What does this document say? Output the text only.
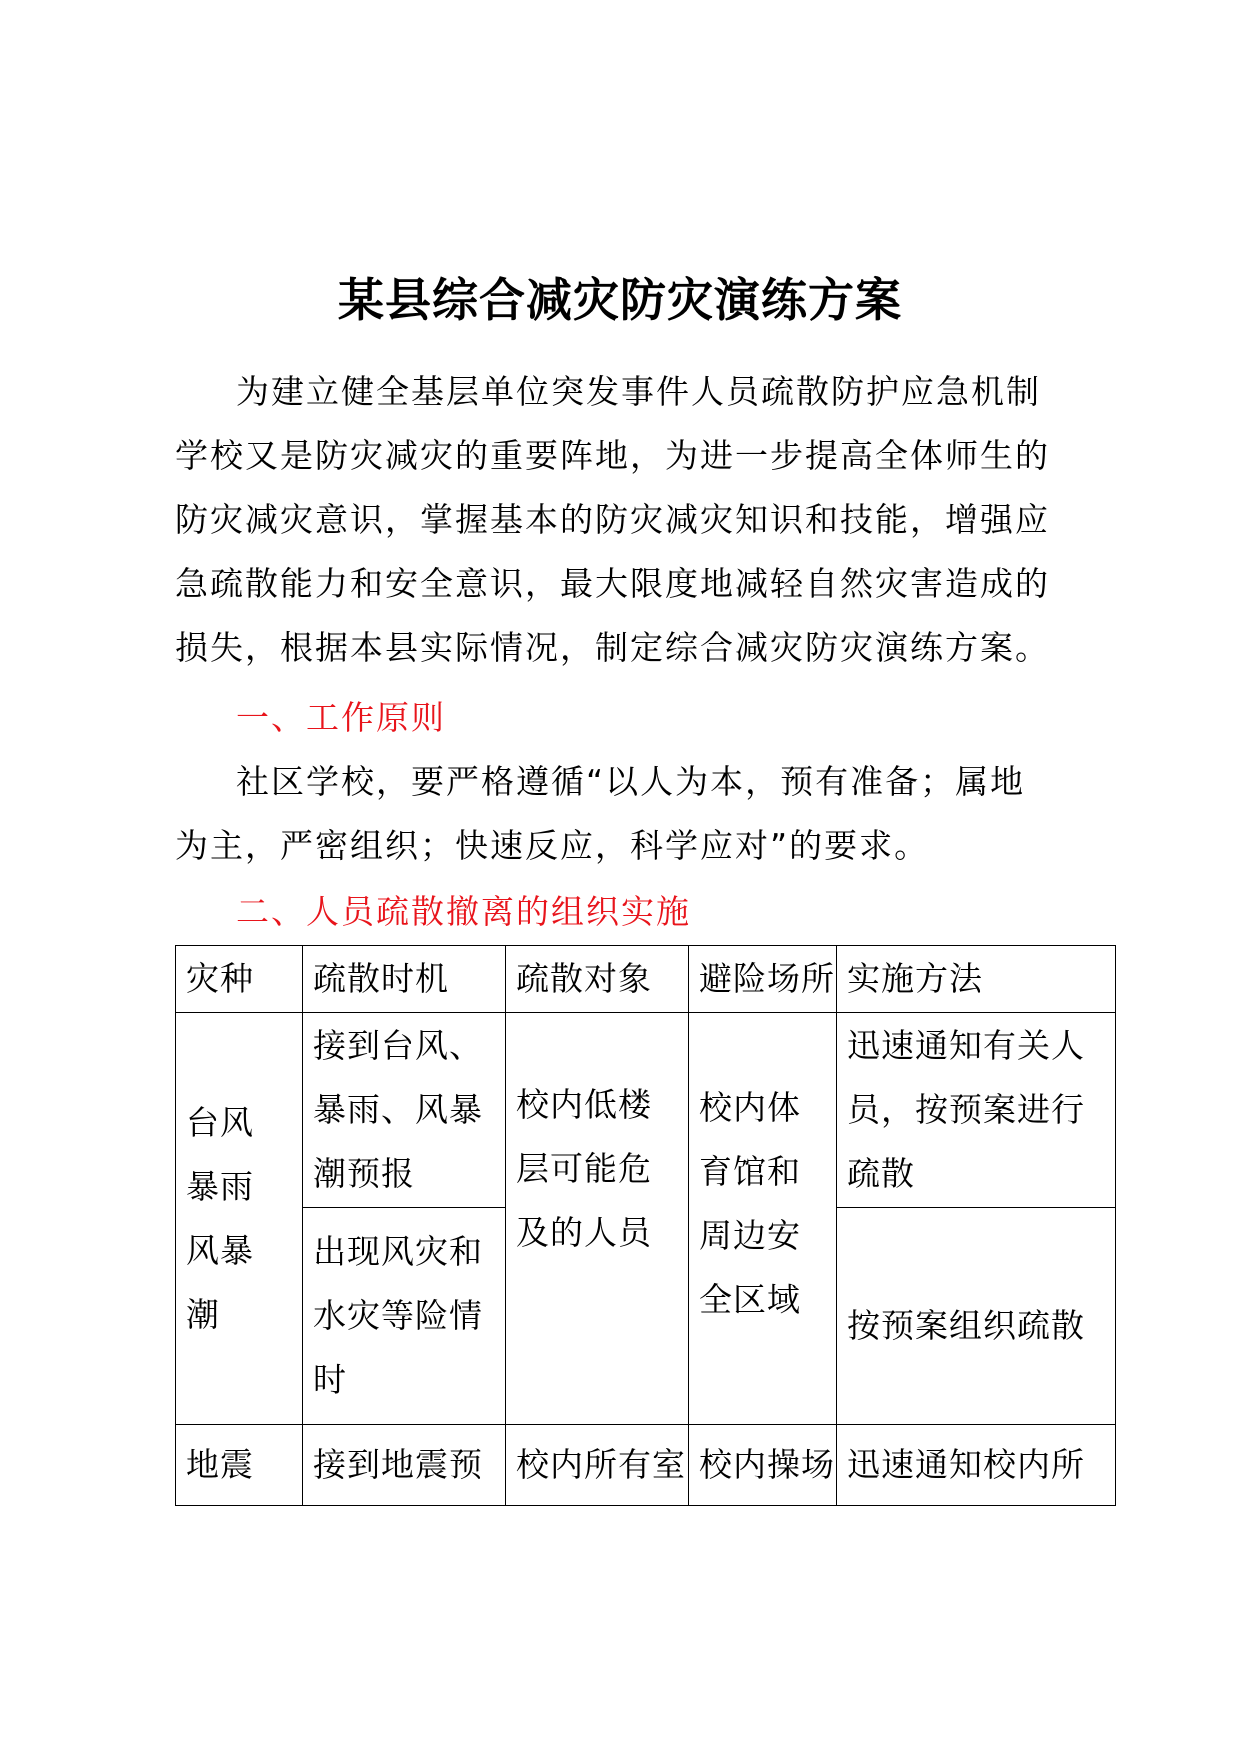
某县综合减灾防灾演练方案
为建立健全基层单位突发事件人员疏散防护应急机制
学校又是防灾减灾的重要阵地，为进一步提高全体师生的
防灾减灾意识，掌握基本的防灾减灾知识和技能，增强应
急疏散能力和安全意识，最大限度地减轻自然灾害造成的
损失，根据本县实际情况，制定综合减灾防灾演练方案。
一、工作原则
社区学校，要严格遵循“以人为本，预有准备；属地
为主，严密组织；快速反应，科学应对”的要求。
二、人员疏散撤离的组织实施
灾种	疏散时机	疏散对象	避险场所	实施方法
台风暴雨风暴潮	接到台风、暴雨、风暴潮预报	校内低楼层可能危及的人员	校内体育馆和周边安全区域	迅速通知有关人员，按预案进行疏散
	出现风灾和水灾等险情时			按预案组织疏散
地震	接到地震预	校内所有室	校内操场	迅速通知校内所
